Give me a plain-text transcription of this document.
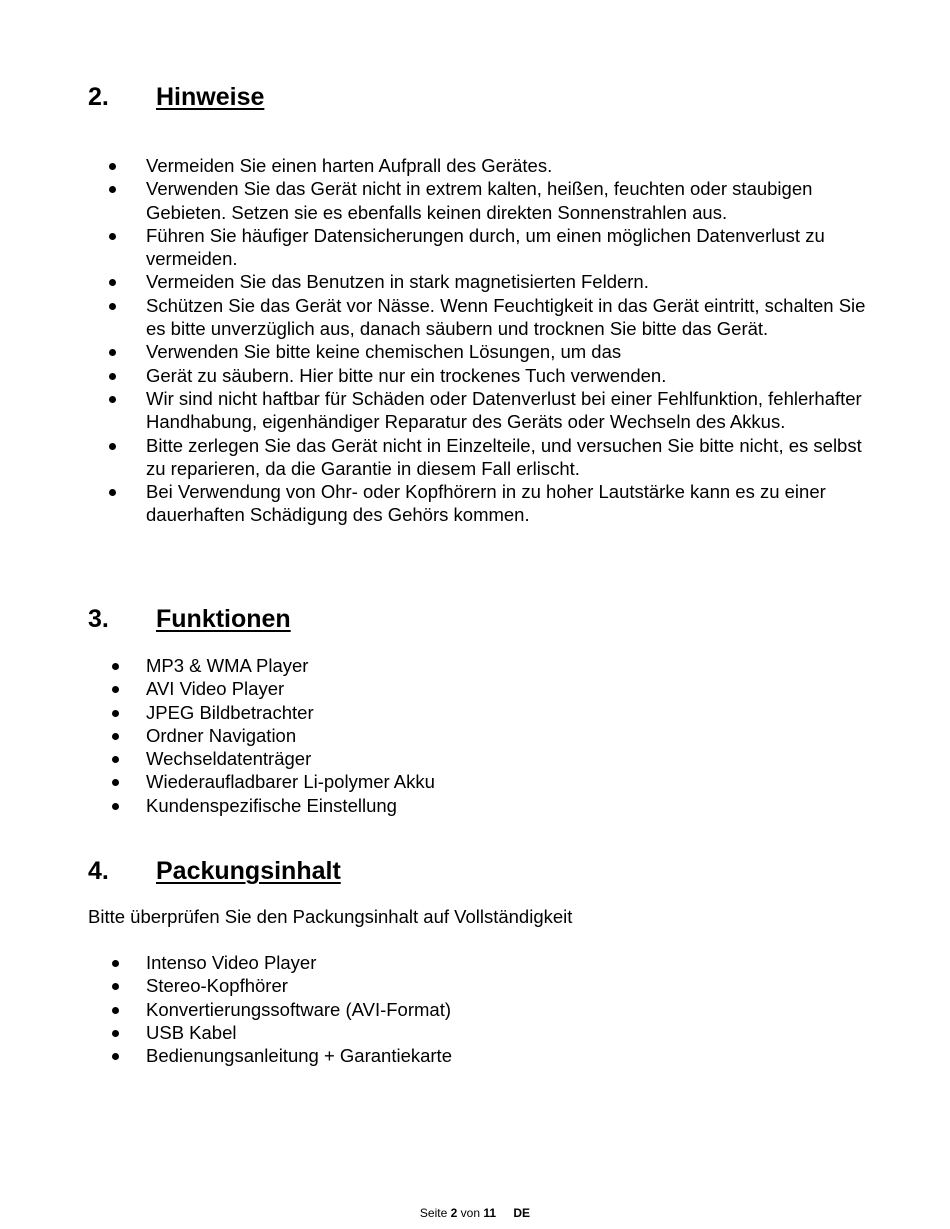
2.	Hinweise
Vermeiden Sie einen harten Aufprall des Gerätes.
Verwenden Sie das Gerät nicht in extrem kalten, heißen, feuchten oder staubigen Gebieten. Setzen sie es ebenfalls keinen direkten Sonnenstrahlen aus.
Führen Sie häufiger Datensicherungen durch, um einen möglichen Datenverlust zu vermeiden.
Vermeiden Sie das Benutzen in stark magnetisierten Feldern.
Schützen Sie das Gerät vor Nässe. Wenn Feuchtigkeit in das Gerät eintritt, schalten Sie es bitte unverzüglich aus, danach säubern und trocknen Sie bitte das Gerät.
Verwenden Sie bitte keine chemischen Lösungen, um das
Gerät zu säubern. Hier bitte nur ein trockenes Tuch verwenden.
Wir sind nicht haftbar für Schäden oder Datenverlust bei einer Fehlfunktion, fehlerhafter Handhabung, eigenhändiger Reparatur des Geräts oder Wechseln des Akkus.
Bitte zerlegen Sie das Gerät nicht in Einzelteile, und versuchen Sie bitte nicht, es selbst zu reparieren, da die Garantie in diesem Fall erlischt.
Bei Verwendung von Ohr- oder Kopfhörern in zu hoher Lautstärke kann es zu einer dauerhaften Schädigung des Gehörs kommen.
3.	Funktionen
MP3 & WMA Player
AVI Video Player
JPEG Bildbetrachter
Ordner Navigation
Wechseldatenträger
Wiederaufladbarer Li-polymer Akku
Kundenspezifische Einstellung
4.	Packungsinhalt

Bitte überprüfen Sie den Packungsinhalt auf Vollständigkeit

Intenso Video Player
Stereo-Kopfhörer
Konvertierungssoftware (AVI-Format)
USB Kabel
Bedienungsanleitung + Garantiekarte
Seite 2 von 11 DE
